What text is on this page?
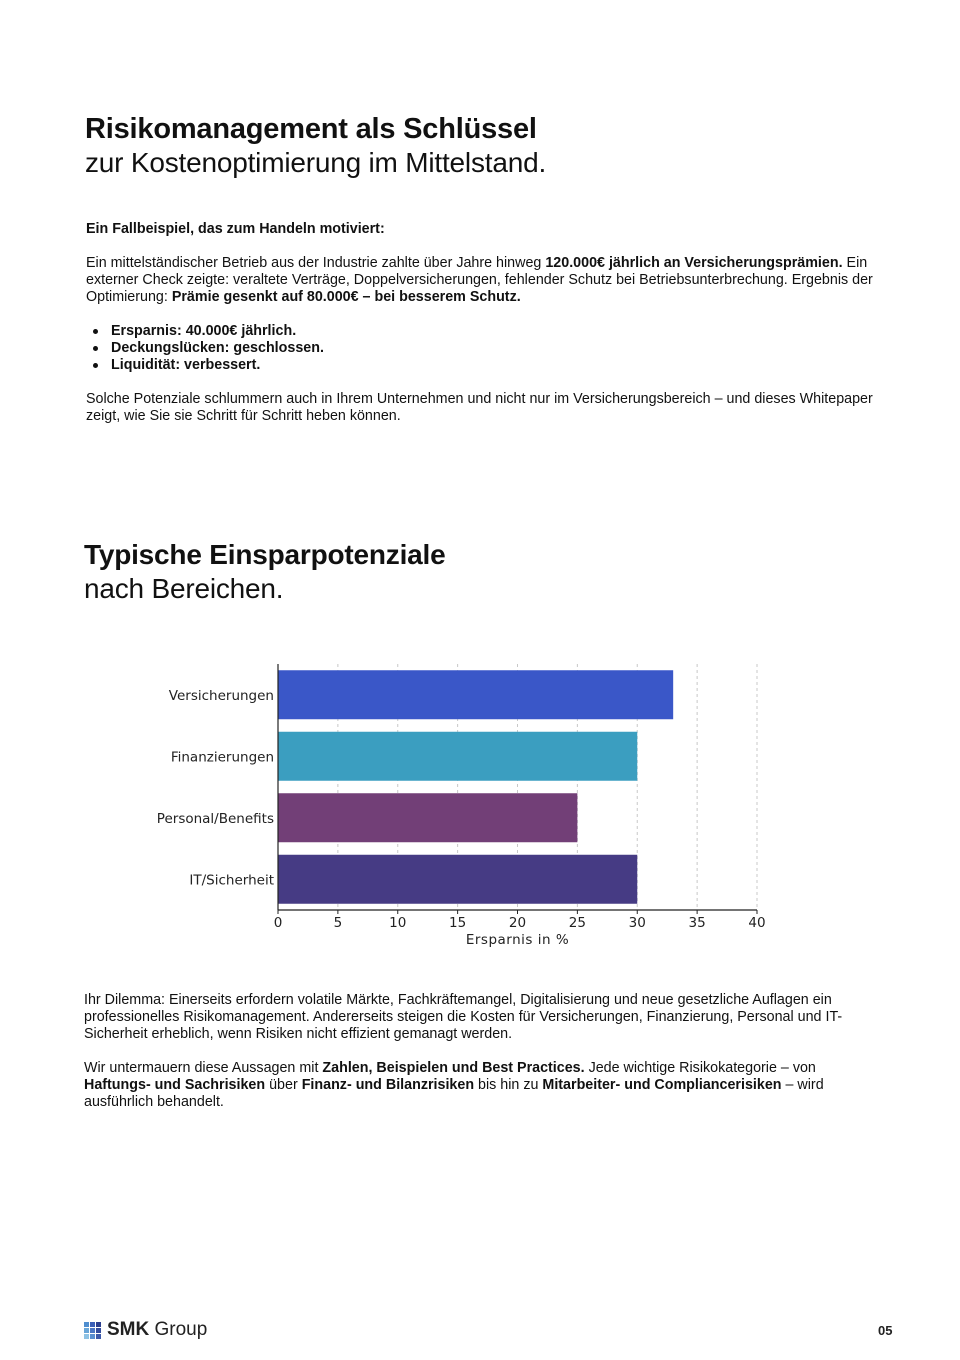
Risikomanagement als Schlüssel
zur Kostenoptimierung im Mittelstand.
Ein Fallbeispiel, das zum Handeln motiviert:

Ein mittelständischer Betrieb aus der Industrie zahlte über Jahre hinweg 120.000€ jährlich an Versicherungsprämien. Ein externer Check zeigte: veraltete Verträge, Doppelversicherungen, fehlender Schutz bei Betriebsunterbrechung. Ergebnis der Optimierung: Prämie gesenkt auf 80.000€ – bei besserem Schutz.

Ersparnis: 40.000€ jährlich.
Deckungslücken: geschlossen.
Liquidität: verbessert.

Solche Potenziale schlummern auch in Ihrem Unternehmen und nicht nur im Versicherungsbereich – und dieses Whitepaper zeigt, wie Sie sie Schritt für Schritt heben können.

Typische Einsparpotenziale
nach Bereichen.
Versicherungen
Finanzierungen
Personal/Benefits
IT/Sicherheit
0	5	10	15	20	25	30	35	40
Ersparnis in %

Ihr Dilemma: Einerseits erfordern volatile Märkte, Fachkräftemangel, Digitalisierung und neue gesetzliche Auflagen ein professionelles Risikomanagement. Andererseits steigen die Kosten für Versicherungen, Finanzierung, Personal und IT-Sicherheit erheblich, wenn Risiken nicht effizient gemanagt werden.

Wir untermauern diese Aussagen mit Zahlen, Beispielen und Best Practices. Jede wichtige Risikokategorie – von Haftungs- und Sachrisiken über Finanz- und Bilanzrisiken bis hin zu Mitarbeiter- und Compliancerisiken – wird ausführlich behandelt.

SMK Group	05
